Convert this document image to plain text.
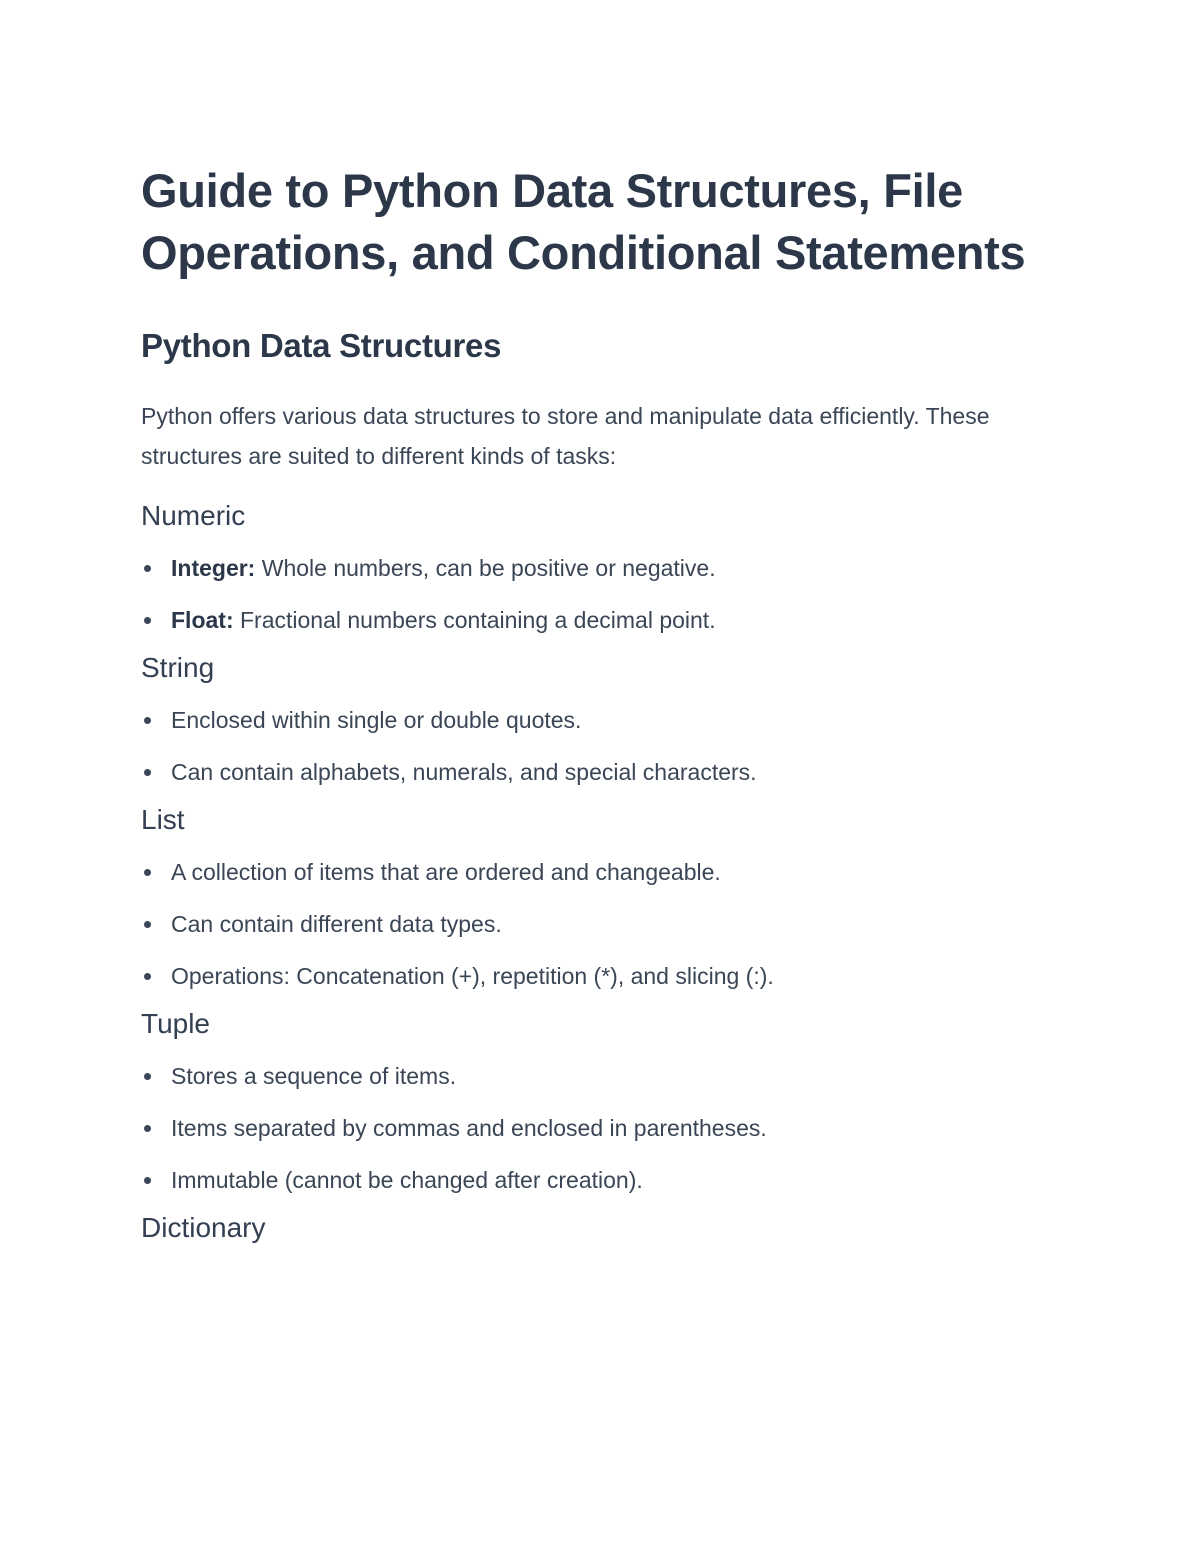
Guide to Python Data Structures, File Operations, and Conditional Statements
Python Data Structures

Python offers various data structures to store and manipulate data efficiently. These structures are suited to different kinds of tasks:

Numeric
Integer: Whole numbers, can be positive or negative.
Float: Fractional numbers containing a decimal point.
String
Enclosed within single or double quotes.
Can contain alphabets, numerals, and special characters.
List
A collection of items that are ordered and changeable.
Can contain different data types.
Operations: Concatenation (+), repetition (*), and slicing (:).
Tuple
Stores a sequence of items.
Items separated by commas and enclosed in parentheses.
Immutable (cannot be changed after creation).
Dictionary
